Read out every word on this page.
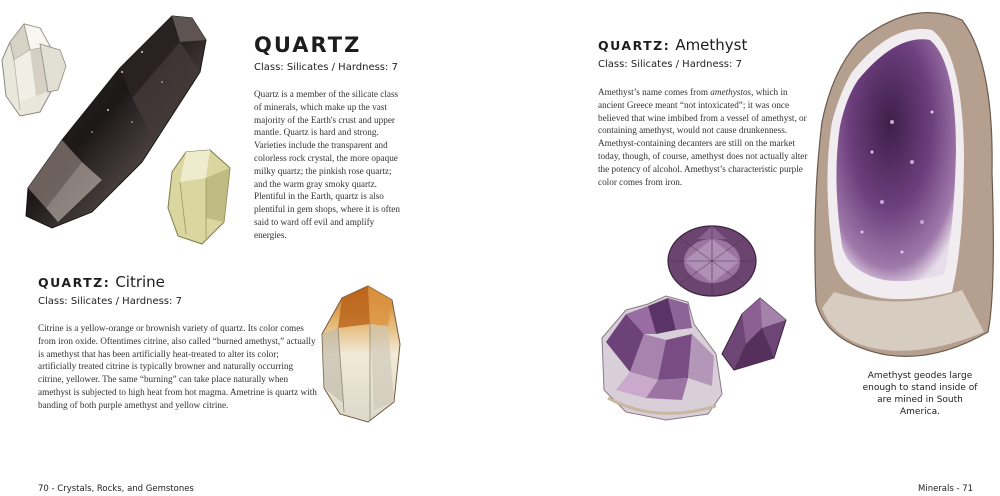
QUARTZ
Class: Silicates / Hardness: 7
Quartz is a member of the silicate class of minerals, which make up the vast majority of the Earth's crust and upper mantle. Quartz is hard and strong. Varieties include the transparent and colorless rock crystal, the more opaque milky quartz; the pinkish rose quartz; and the warm gray smoky quartz. Plentiful in the Earth, quartz is also plentiful in gem shops, where it is often said to ward off evil and amplify energies.
QUARTZ: Citrine
Class: Silicates / Hardness: 7
Citrine is a yellow-orange or brownish variety of quartz. Its color comes from iron oxide. Oftentimes citrine, also called “burned amethyst,” actually is amethyst that has been artificially heat-treated to alter its color; artificially treated citrine is typically browner and naturally occurring citrine, yellower. The same “burning” can take place naturally when amethyst is subjected to high heat from hot magma. Ametrine is quartz with banding of both purple amethyst and yellow citrine.
70 - Crystals, Rocks, and Gemstones
QUARTZ: Amethyst
Class: Silicates / Hardness: 7
Amethyst’s name comes from amethystos, which in ancient Greece meant “not intoxicated”; it was once believed that wine imbibed from a vessel of amethyst, or containing amethyst, would not cause drunkenness. Amethyst-containing decanters are still on the market today, though, of course, amethyst does not actually alter the potency of alcohol. Amethyst’s characteristic purple color comes from iron.
Amethyst geodes large enough to stand inside of are mined in South America.
Minerals - 71
